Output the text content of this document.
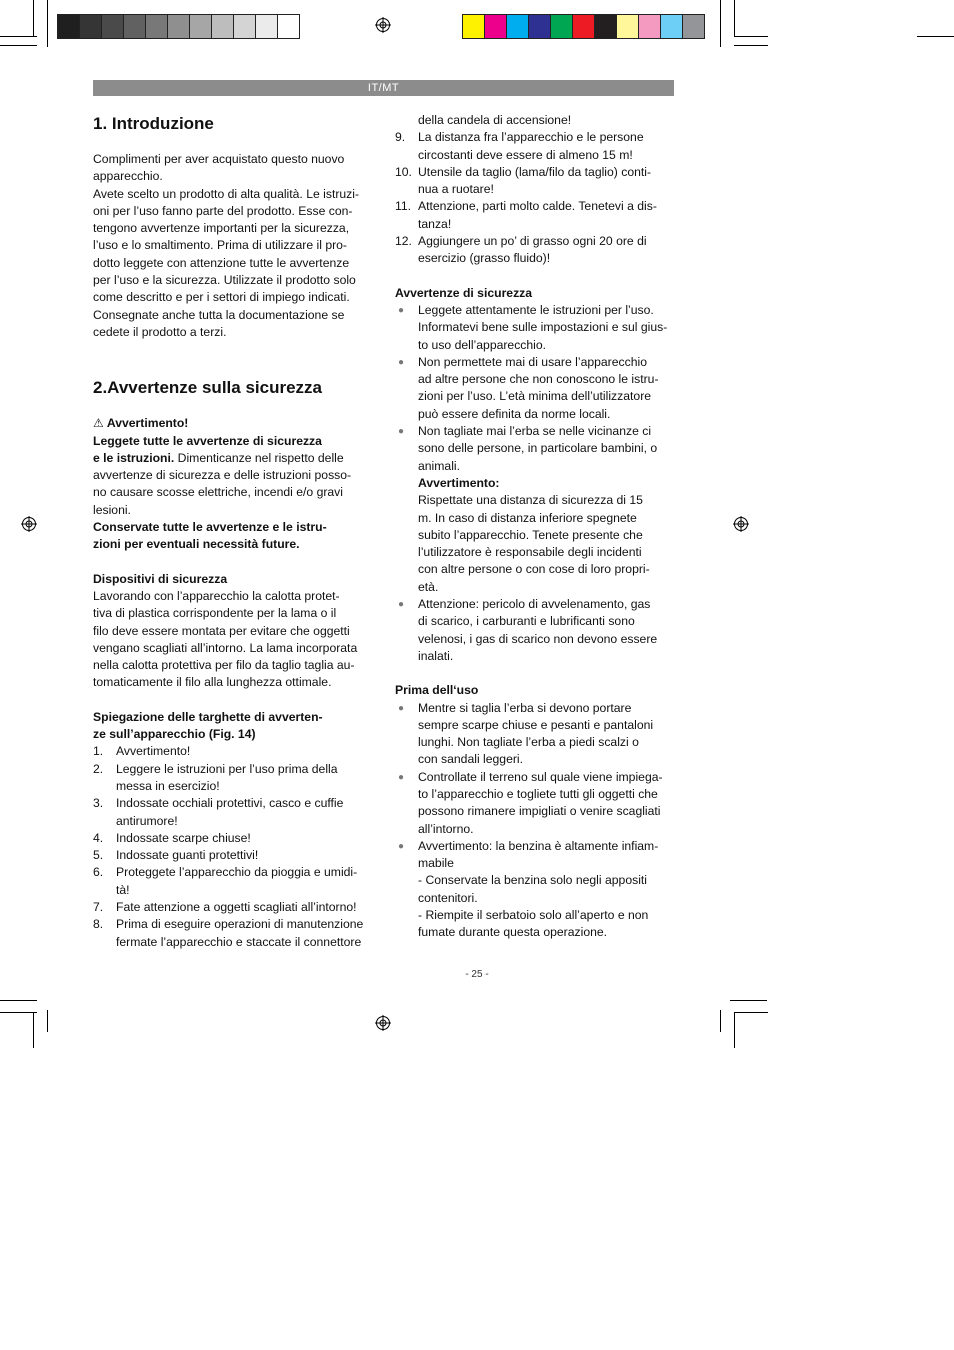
IT/MT
1. Introduzione
Complimenti per aver acquistato questo nuovo
apparecchio.
Avete scelto un prodotto di alta qualità. Le istruzi-
oni per l’uso fanno parte del prodotto. Esse con-
tengono avvertenze importanti per la sicurezza,
l’uso e lo smaltimento. Prima di utilizzare il pro-
dotto leggete con attenzione tutte le avvertenze
per l’uso e la sicurezza. Utilizzate il prodotto solo
come descritto e per i settori di impiego indicati.
Consegnate anche tutta la documentazione se
cedete il prodotto a terzi.
2.Avvertenze sulla sicurezza
⚠ Avvertimento!
Leggete tutte le avvertenze di sicurezza
e le istruzioni. Dimenticanze nel rispetto delle
avvertenze di sicurezza e delle istruzioni posso-
no causare scosse elettriche, incendi e/o gravi
lesioni.
Conservate tutte le avvertenze e le istru-
zioni per eventuali necessità future.
Dispositivi di sicurezza
Lavorando con l’apparecchio la calotta protet-
tiva di plastica corrispondente per la lama o il
filo deve essere montata per evitare che oggetti
vengano scagliati all’intorno. La lama incorporata
nella calotta protettiva per filo da taglio taglia au-
tomaticamente il filo alla lunghezza ottimale.
Spiegazione delle targhette di avverten-
ze sull’apparecchio (Fig. 14)
1. Avvertimento!
2. Leggere le istruzioni per l’uso prima della
messa in esercizio!
3. Indossate occhiali protettivi, casco e cuffie
antirumore!
4. Indossate scarpe chiuse!
5. Indossate guanti protettivi!
6. Proteggete l’apparecchio da pioggia e umidi-
tà!
7. Fate attenzione a oggetti scagliati all’intorno!
8. Prima di eseguire operazioni di manutenzione
fermate l’apparecchio e staccate il connettore
della candela di accensione!
9. La distanza fra l’apparecchio e le persone
circostanti deve essere di almeno 15 m!
10. Utensile da taglio (lama/filo da taglio) conti-
nua a ruotare!
11. Attenzione, parti molto calde. Tenetevi a dis-
tanza!
12. Aggiungere un po’ di grasso ogni 20 ore di
esercizio (grasso fluido)!
Avvertenze di sicurezza
● Leggete attentamente le istruzioni per l’uso.
Informatevi bene sulle impostazioni e sul gius-
to uso dell’apparecchio.
● Non permettete mai di usare l’apparecchio
ad altre persone che non conoscono le istru-
zioni per l’uso. L’età minima dell’utilizzatore
può essere definita da norme locali.
● Non tagliate mai l’erba se nelle vicinanze ci
sono delle persone, in particolare bambini, o
animali.
Avvertimento:
Rispettate una distanza di sicurezza di 15
m. In caso di distanza inferiore spegnete
subito l’apparecchio. Tenete presente che
l’utilizzatore è responsabile degli incidenti
con altre persone o con cose di loro propri-
età.
● Attenzione: pericolo di avvelenamento, gas
di scarico, i carburanti e lubrificanti sono
velenosi, i gas di scarico non devono essere
inalati.
Prima dell‘uso
● Mentre si taglia l’erba si devono portare
sempre scarpe chiuse e pesanti e pantaloni
lunghi. Non tagliate l’erba a piedi scalzi o
con sandali leggeri.
● Controllate il terreno sul quale viene impiega-
to l’apparecchio e togliete tutti gli oggetti che
possono rimanere impigliati o venire scagliati
all’intorno.
● Avvertimento: la benzina è altamente infiam-
mabile
- Conservate la benzina solo negli appositi
contenitori.
- Riempite il serbatoio solo all’aperto e non
fumate durante questa operazione.
- 25 -
